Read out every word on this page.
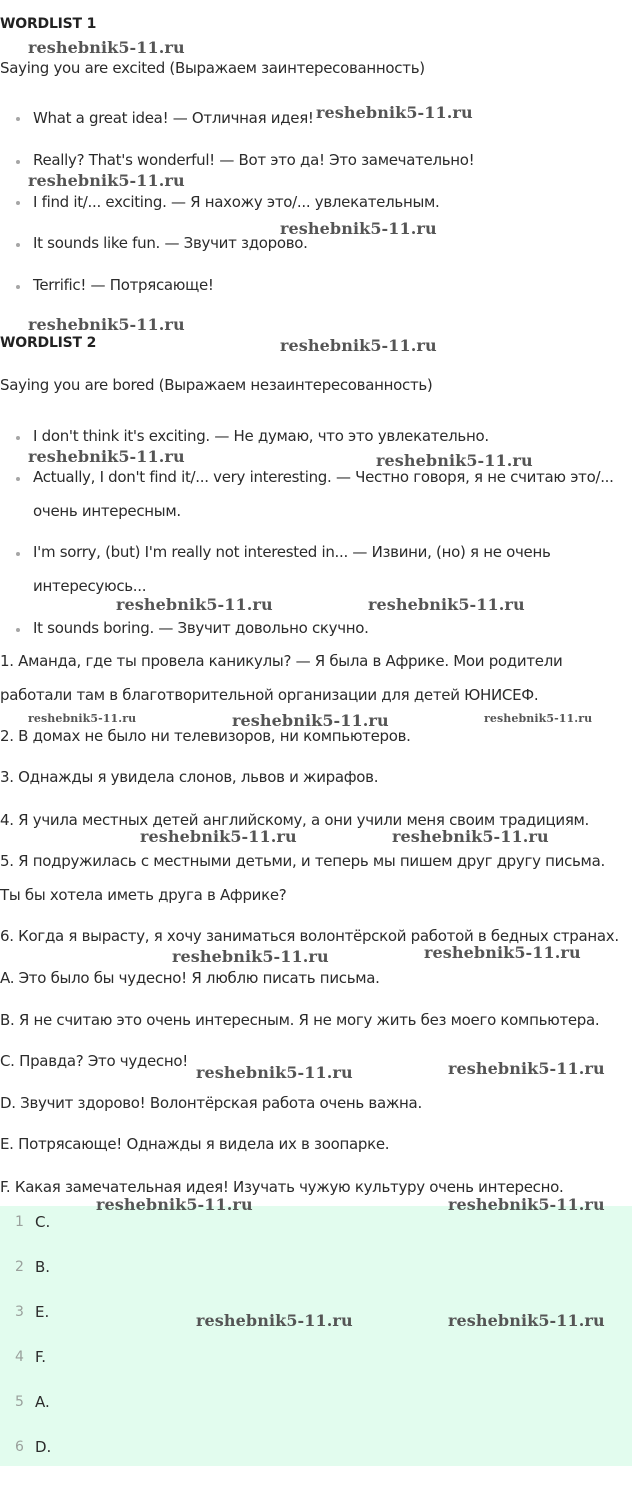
WORDLIST 1
Saying you are excited (Выражаем заинтересованность)
What a great idea! — Отличная идея!
Really? That's wonderful! — Вот это да! Это замечательно!
I find it/... exciting. — Я нахожу это/... увлекательным.
It sounds like fun. — Звучит здорово.
Terrific! — Потрясающе!
WORDLIST 2
Saying you are bored (Выражаем незаинтересованность)
I don't think it's exciting. — Не думаю, что это увлекательно.
Actually, I don't find it/... very interesting. — Честно говоря, я не считаю это/...
очень интересным.
I'm sorry, (but) I'm really not interested in... — Извини, (но) я не очень
интересуюсь...
It sounds boring. — Звучит довольно скучно.
1. Аманда, где ты провела каникулы? — Я была в Африке. Мои родители
работали там в благотворительной организации для детей ЮНИСЕФ.
2. В домах не было ни телевизоров, ни компьютеров.
3. Однажды я увидела слонов, львов и жирафов.
4. Я учила местных детей английскому, а они учили меня своим традициям.
5. Я подружилась с местными детьми, и теперь мы пишем друг другу письма.
Ты бы хотела иметь друга в Африке?
6. Когда я вырасту, я хочу заниматься волонтёрской работой в бедных странах.
A. Это было бы чудесно! Я люблю писать письма.
B. Я не считаю это очень интересным. Я не могу жить без моего компьютера.
C. Правда? Это чудесно!
D. Звучит здорово! Волонтёрская работа очень важна.
E. Потрясающе! Однажды я видела их в зоопарке.
F. Какая замечательная идея! Изучать чужую культуру очень интересно.
1 C.
2 B.
3 E.
4 F.
5 A.
6 D.
reshebnik5-11.ru
reshebnik5-11.ru
reshebnik5-11.ru
reshebnik5-11.ru
reshebnik5-11.ru
reshebnik5-11.ru
reshebnik5-11.ru	reshebnik5-11.ru
reshebnik5-11.ru	reshebnik5-11.ru
reshebnik5-11.ru	reshebnik5-11.ru	reshebnik5-11.ru
reshebnik5-11.ru	reshebnik5-11.ru
reshebnik5-11.ru	reshebnik5-11.ru
reshebnik5-11.ru	reshebnik5-11.ru
reshebnik5-11.ru	reshebnik5-11.ru
reshebnik5-11.ru	reshebnik5-11.ru
